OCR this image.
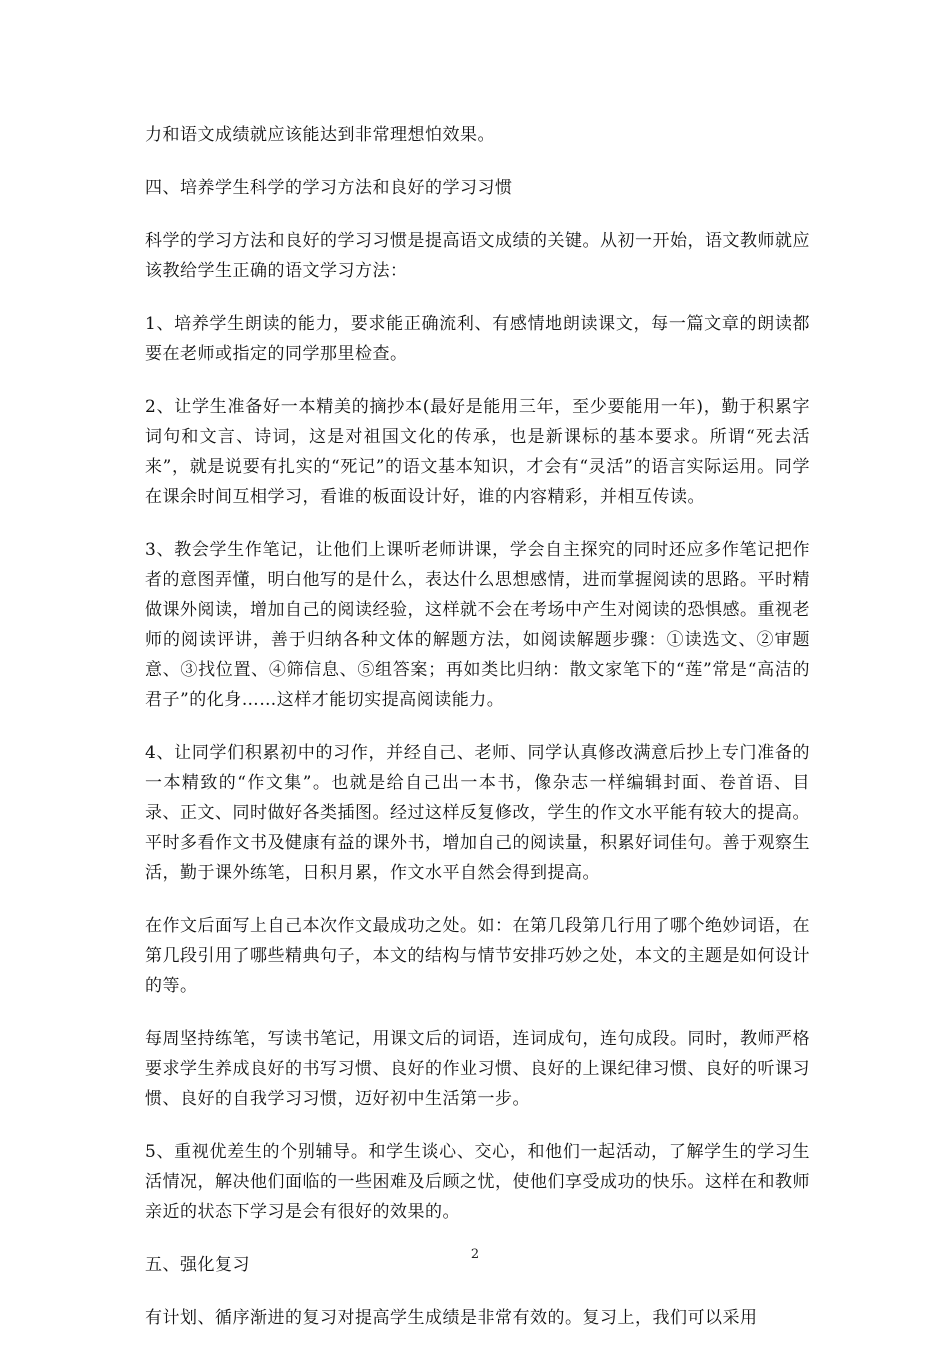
力和语文成绩就应该能达到非常理想怕效果。

四、培养学生科学的学习方法和良好的学习习惯

科学的学习方法和良好的学习习惯是提高语文成绩的关键。从初一开始，语文教师就应该教给学生正确的语文学习方法：

1、培养学生朗读的能力，要求能正确流利、有感情地朗读课文，每一篇文章的朗读都要在老师或指定的同学那里检查。

2、让学生准备好一本精美的摘抄本(最好是能用三年，至少要能用一年)，勤于积累字词句和文言、诗词，这是对祖国文化的传承，也是新课标的基本要求。所谓“死去活来”，就是说要有扎实的“死记”的语文基本知识，才会有“灵活”的语言实际运用。同学在课余时间互相学习，看谁的板面设计好，谁的内容精彩，并相互传读。

3、教会学生作笔记，让他们上课听老师讲课，学会自主探究的同时还应多作笔记把作者的意图弄懂，明白他写的是什么，表达什么思想感情，进而掌握阅读的思路。平时精做课外阅读，增加自己的阅读经验，这样就不会在考场中产生对阅读的恐惧感。重视老师的阅读评讲，善于归纳各种文体的解题方法，如阅读解题步骤：①读选文、②审题意、③找位置、④筛信息、⑤组答案；再如类比归纳：散文家笔下的“莲”常是“高洁的君子”的化身……这样才能切实提高阅读能力。

4、让同学们积累初中的习作，并经自己、老师、同学认真修改满意后抄上专门准备的一本精致的“作文集”。也就是给自己出一本书，像杂志一样编辑封面、卷首语、目录、正文、同时做好各类插图。经过这样反复修改，学生的作文水平能有较大的提高。平时多看作文书及健康有益的课外书，增加自己的阅读量，积累好词佳句。善于观察生活，勤于课外练笔，日积月累，作文水平自然会得到提高。

在作文后面写上自己本次作文最成功之处。如：在第几段第几行用了哪个绝妙词语，在第几段引用了哪些精典句子，本文的结构与情节安排巧妙之处，本文的主题是如何设计的等。

每周坚持练笔，写读书笔记，用课文后的词语，连词成句，连句成段。同时，教师严格要求学生养成良好的书写习惯、良好的作业习惯、良好的上课纪律习惯、良好的听课习惯、良好的自我学习习惯，迈好初中生活第一步。

5、重视优差生的个别辅导。和学生谈心、交心，和他们一起活动，了解学生的学习生活情况，解决他们面临的一些困难及后顾之忧，使他们享受成功的快乐。这样在和教师亲近的状态下学习是会有很好的效果的。

五、强化复习

有计划、循序渐进的复习对提高学生成绩是非常有效的。复习上，我们可以采用

2
